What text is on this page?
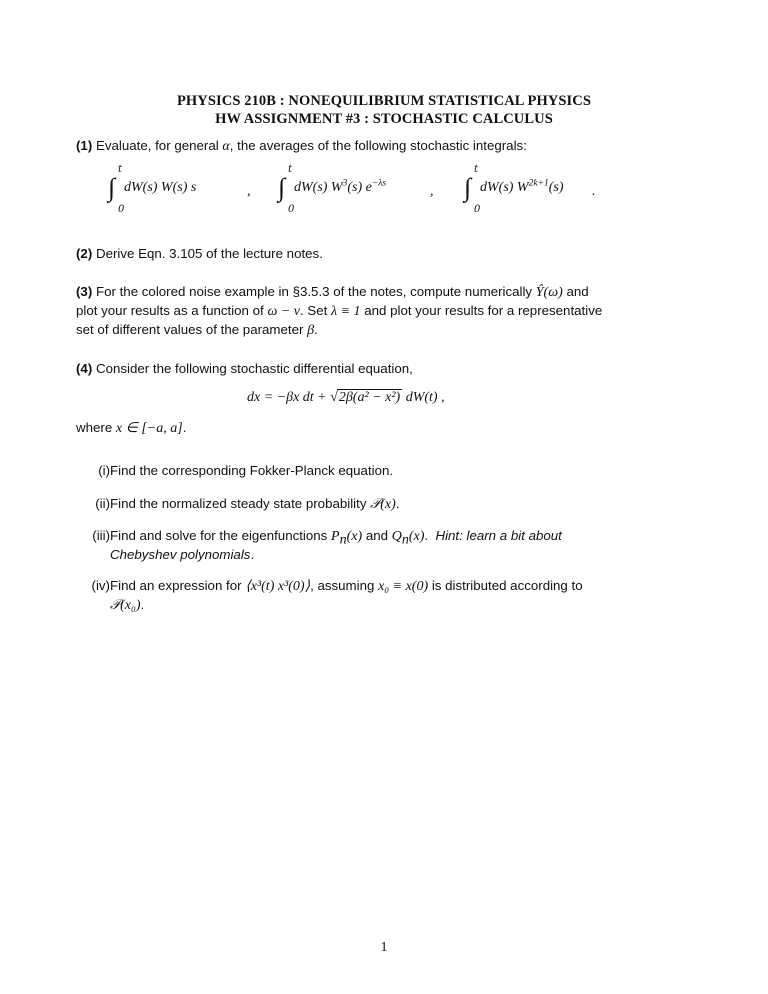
PHYSICS 210B : NONEQUILIBRIUM STATISTICAL PHYSICS
HW ASSIGNMENT #3 : STOCHASTIC CALCULUS
(1) Evaluate, for general α, the averages of the following stochastic integrals:
t
∫
0
dW(s) W(s) s	,
t
∫
0
dW(s) $W^3(s)$ $e^{-\lambda s}$
,
t
∫
0
dW(s) $W^{2k+1}(s)$ .
(2) Derive Eqn. 3.105 of the lecture notes.
(3) For the colored noise example in §3.5.3 of the notes, compute numerically Ŷ(ω) and
plot your results as a function of ω − ν. Set λ ≡ 1 and plot your results for a representative
set of different values of the parameter β.
(4) Consider the following stochastic differential equation,
dx = −βx dt + √2β(a² − x²) dW(t) ,
where x ∈ [−a, a].
(i) Find the corresponding Fokker-Planck equation.
(ii) Find the normalized steady state probability 𝒫(x).
(iii) Find and solve for the eigenfunctions $P_n(x)$ and $Q_n(x)$. Hint: learn a bit about
Chebyshev polynomials.
(iv) Find an expression for ⟨x³(t) x³(0)⟩, assuming x₀ ≡ x(0) is distributed according to
𝒫(x₀).
1
